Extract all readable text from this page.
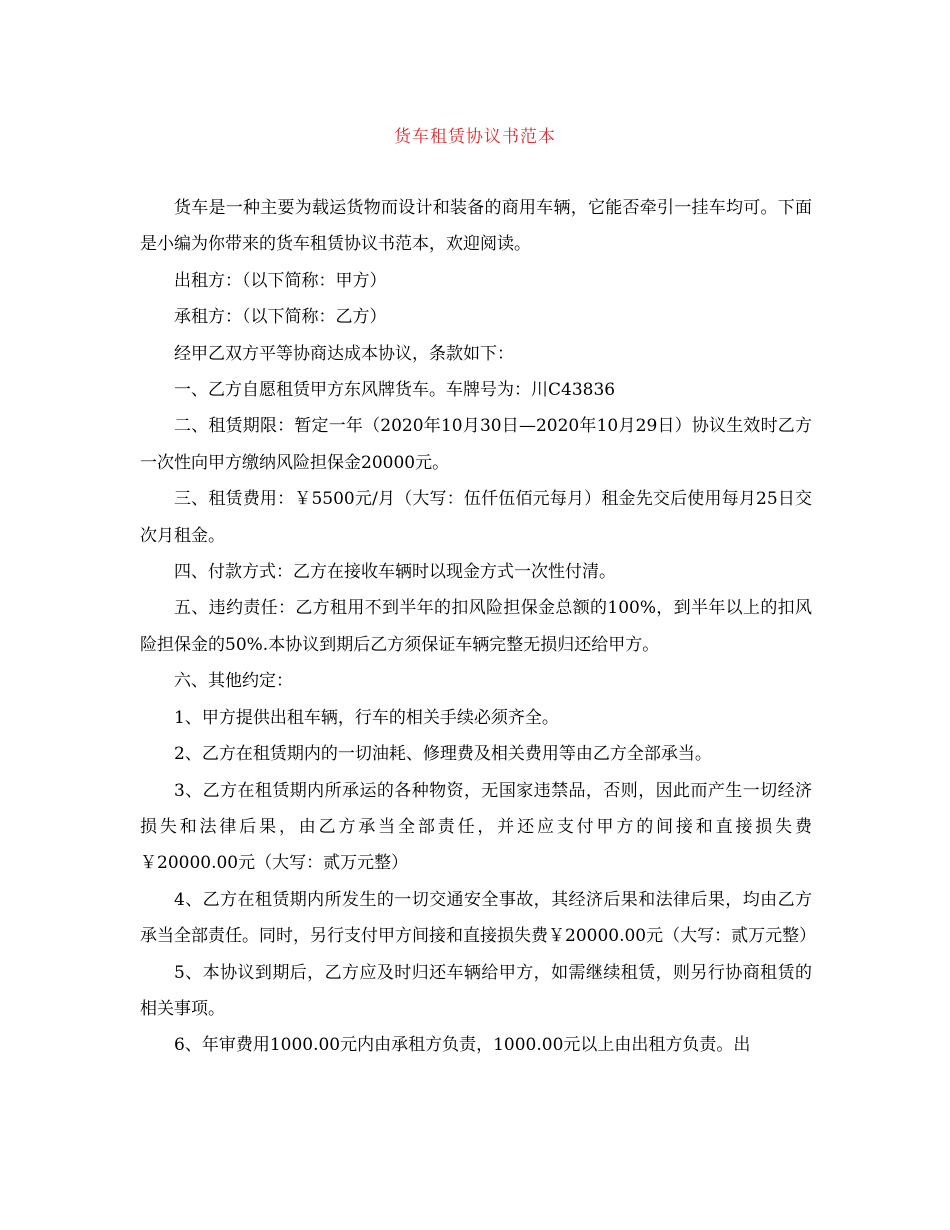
货车租赁协议书范本

货车是一种主要为载运货物而设计和装备的商用车辆，它能否牵引一挂车均可。下面是小编为你带来的货车租赁协议书范本，欢迎阅读。

出租方：（以下简称：甲方）

承租方：（以下简称：乙方）

经甲乙双方平等协商达成本协议，条款如下：

一、乙方自愿租赁甲方东风牌货车。车牌号为：川C43836

二、租赁期限：暂定一年（2020年10月30日—2020年10月29日）协议生效时乙方一次性向甲方缴纳风险担保金20000元。

三、租赁费用：￥5500元/月（大写：伍仟伍佰元每月）租金先交后使用每月25日交次月租金。

四、付款方式：乙方在接收车辆时以现金方式一次性付清。

五、违约责任：乙方租用不到半年的扣风险担保金总额的100%，到半年以上的扣风险担保金的50%.本协议到期后乙方须保证车辆完整无损归还给甲方。

六、其他约定：

1、甲方提供出租车辆，行车的相关手续必须齐全。

2、乙方在租赁期内的一切油耗、修理费及相关费用等由乙方全部承当。

3、乙方在租赁期内所承运的各种物资，无国家违禁品，否则，因此而产生一切经济损失和法律后果，由乙方承当全部责任，并还应支付甲方的间接和直接损失费￥20000.00元（大写：贰万元整）

4、乙方在租赁期内所发生的一切交通安全事故，其经济后果和法律后果，均由乙方承当全部责任。同时，另行支付甲方间接和直接损失费￥20000.00元（大写：贰万元整）

5、本协议到期后，乙方应及时归还车辆给甲方，如需继续租赁，则另行协商租赁的相关事项。

6、年审费用1000.00元内由承租方负责，1000.00元以上由出租方负责。出
